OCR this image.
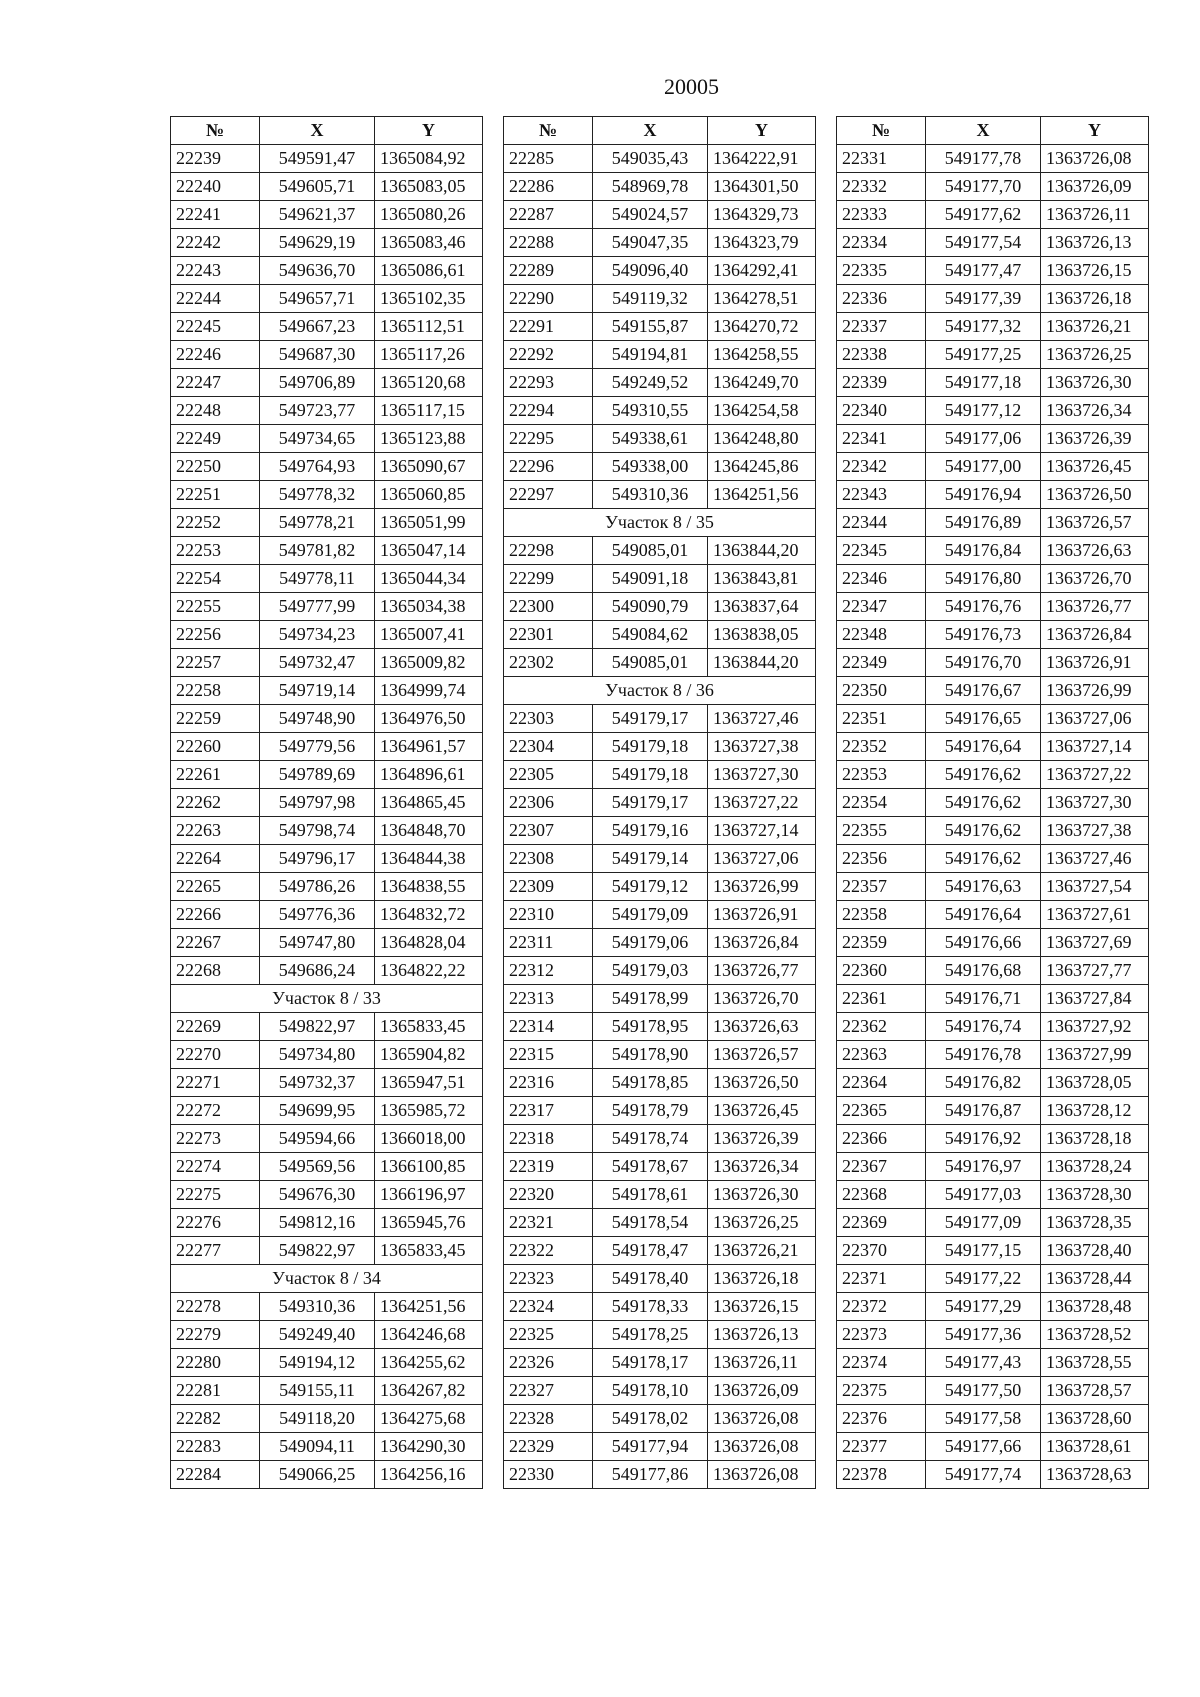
20005
№	X	Y
22239	549591,47	1365084,92
22240	549605,71	1365083,05
22241	549621,37	1365080,26
22242	549629,19	1365083,46
22243	549636,70	1365086,61
22244	549657,71	1365102,35
22245	549667,23	1365112,51
22246	549687,30	1365117,26
22247	549706,89	1365120,68
22248	549723,77	1365117,15
22249	549734,65	1365123,88
22250	549764,93	1365090,67
22251	549778,32	1365060,85
22252	549778,21	1365051,99
22253	549781,82	1365047,14
22254	549778,11	1365044,34
22255	549777,99	1365034,38
22256	549734,23	1365007,41
22257	549732,47	1365009,82
22258	549719,14	1364999,74
22259	549748,90	1364976,50
22260	549779,56	1364961,57
22261	549789,69	1364896,61
22262	549797,98	1364865,45
22263	549798,74	1364848,70
22264	549796,17	1364844,38
22265	549786,26	1364838,55
22266	549776,36	1364832,72
22267	549747,80	1364828,04
22268	549686,24	1364822,22
Участок 8 / 33		
22269	549822,97	1365833,45
22270	549734,80	1365904,82
22271	549732,37	1365947,51
22272	549699,95	1365985,72
22273	549594,66	1366018,00
22274	549569,56	1366100,85
22275	549676,30	1366196,97
22276	549812,16	1365945,76
22277	549822,97	1365833,45
Участок 8 / 34		
22278	549310,36	1364251,56
22279	549249,40	1364246,68
22280	549194,12	1364255,62
22281	549155,11	1364267,82
22282	549118,20	1364275,68
22283	549094,11	1364290,30
22284	549066,25	1364256,16
№	X	Y
22285	549035,43	1364222,91
22286	548969,78	1364301,50
22287	549024,57	1364329,73
22288	549047,35	1364323,79
22289	549096,40	1364292,41
22290	549119,32	1364278,51
22291	549155,87	1364270,72
22292	549194,81	1364258,55
22293	549249,52	1364249,70
22294	549310,55	1364254,58
22295	549338,61	1364248,80
22296	549338,00	1364245,86
22297	549310,36	1364251,56
Участок 8 / 35		
22298	549085,01	1363844,20
22299	549091,18	1363843,81
22300	549090,79	1363837,64
22301	549084,62	1363838,05
22302	549085,01	1363844,20
Участок 8 / 36		
22303	549179,17	1363727,46
22304	549179,18	1363727,38
22305	549179,18	1363727,30
22306	549179,17	1363727,22
22307	549179,16	1363727,14
22308	549179,14	1363727,06
22309	549179,12	1363726,99
22310	549179,09	1363726,91
22311	549179,06	1363726,84
22312	549179,03	1363726,77
22313	549178,99	1363726,70
22314	549178,95	1363726,63
22315	549178,90	1363726,57
22316	549178,85	1363726,50
22317	549178,79	1363726,45
22318	549178,74	1363726,39
22319	549178,67	1363726,34
22320	549178,61	1363726,30
22321	549178,54	1363726,25
22322	549178,47	1363726,21
22323	549178,40	1363726,18
22324	549178,33	1363726,15
22325	549178,25	1363726,13
22326	549178,17	1363726,11
22327	549178,10	1363726,09
22328	549178,02	1363726,08
22329	549177,94	1363726,08
22330	549177,86	1363726,08
№	X	Y
22331	549177,78	1363726,08
22332	549177,70	1363726,09
22333	549177,62	1363726,11
22334	549177,54	1363726,13
22335	549177,47	1363726,15
22336	549177,39	1363726,18
22337	549177,32	1363726,21
22338	549177,25	1363726,25
22339	549177,18	1363726,30
22340	549177,12	1363726,34
22341	549177,06	1363726,39
22342	549177,00	1363726,45
22343	549176,94	1363726,50
22344	549176,89	1363726,57
22345	549176,84	1363726,63
22346	549176,80	1363726,70
22347	549176,76	1363726,77
22348	549176,73	1363726,84
22349	549176,70	1363726,91
22350	549176,67	1363726,99
22351	549176,65	1363727,06
22352	549176,64	1363727,14
22353	549176,62	1363727,22
22354	549176,62	1363727,30
22355	549176,62	1363727,38
22356	549176,62	1363727,46
22357	549176,63	1363727,54
22358	549176,64	1363727,61
22359	549176,66	1363727,69
22360	549176,68	1363727,77
22361	549176,71	1363727,84
22362	549176,74	1363727,92
22363	549176,78	1363727,99
22364	549176,82	1363728,05
22365	549176,87	1363728,12
22366	549176,92	1363728,18
22367	549176,97	1363728,24
22368	549177,03	1363728,30
22369	549177,09	1363728,35
22370	549177,15	1363728,40
22371	549177,22	1363728,44
22372	549177,29	1363728,48
22373	549177,36	1363728,52
22374	549177,43	1363728,55
22375	549177,50	1363728,57
22376	549177,58	1363728,60
22377	549177,66	1363728,61
22378	549177,74	1363728,63
